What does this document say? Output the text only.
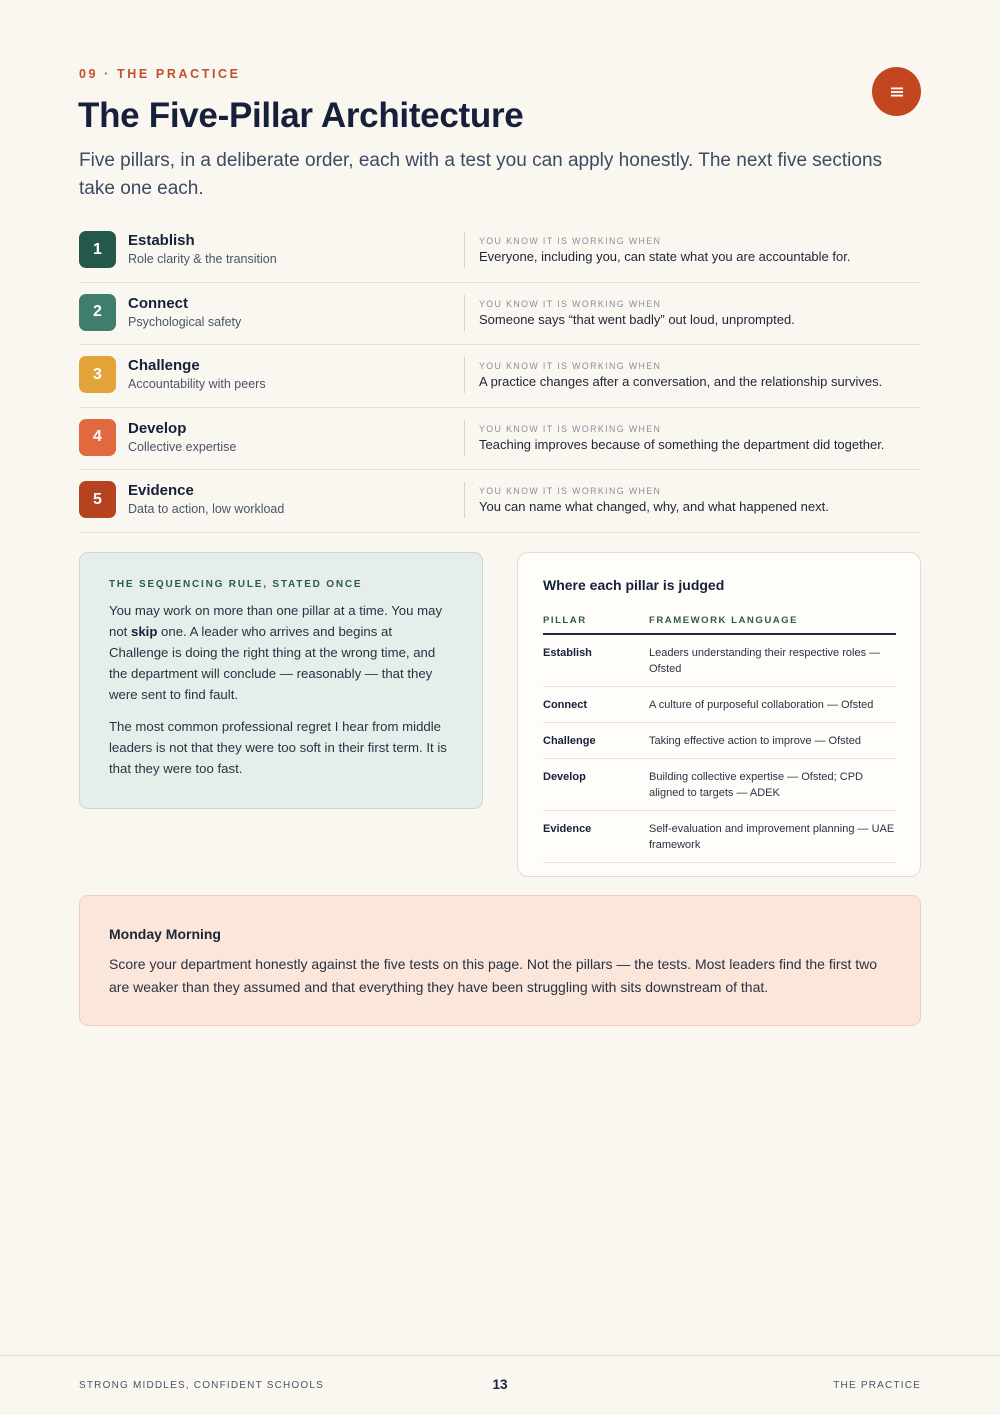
09 · THE PRACTICE
The Five-Pillar Architecture

Five pillars, in a deliberate order, each with a test you can apply honestly. The next five sections take one each.

1	Establish
Role clarity & the transition
YOU KNOW IT IS WORKING WHEN
Everyone, including you, can state what you are accountable for.
2	Connect
Psychological safety
YOU KNOW IT IS WORKING WHEN
Someone says “that went badly” out loud, unprompted.
3	Challenge
Accountability with peers
YOU KNOW IT IS WORKING WHEN
A practice changes after a conversation, and the relationship survives.
4	Develop
Collective expertise
YOU KNOW IT IS WORKING WHEN
Teaching improves because of something the department did together.
5	Evidence
Data to action, low workload
YOU KNOW IT IS WORKING WHEN
You can name what changed, why, and what happened next.
THE SEQUENCING RULE, STATED ONCE

You may work on more than one pillar at a time. You may not skip one. A leader who arrives and begins at Challenge is doing the right thing at the wrong time, and the department will conclude — reasonably — that they were sent to find fault.

The most common professional regret I hear from middle leaders is not that they were too soft in their first term. It is that they were too fast.

Where each pillar is judged
PILLAR	FRAMEWORK LANGUAGE
Establish	Leaders understanding their respective roles — Ofsted
Connect	A culture of purposeful collaboration — Ofsted
Challenge	Taking effective action to improve — Ofsted
Develop	Building collective expertise — Ofsted; CPD aligned to targets — ADEK
Evidence	Self-evaluation and improvement planning — UAE framework
Monday Morning
Score your department honestly against the five tests on this page. Not the pillars — the tests. Most leaders find the first two are weaker than they assumed and that everything they have been struggling with sits downstream of that.
STRONG MIDDLES, CONFIDENT SCHOOLS	13	THE PRACTICE
